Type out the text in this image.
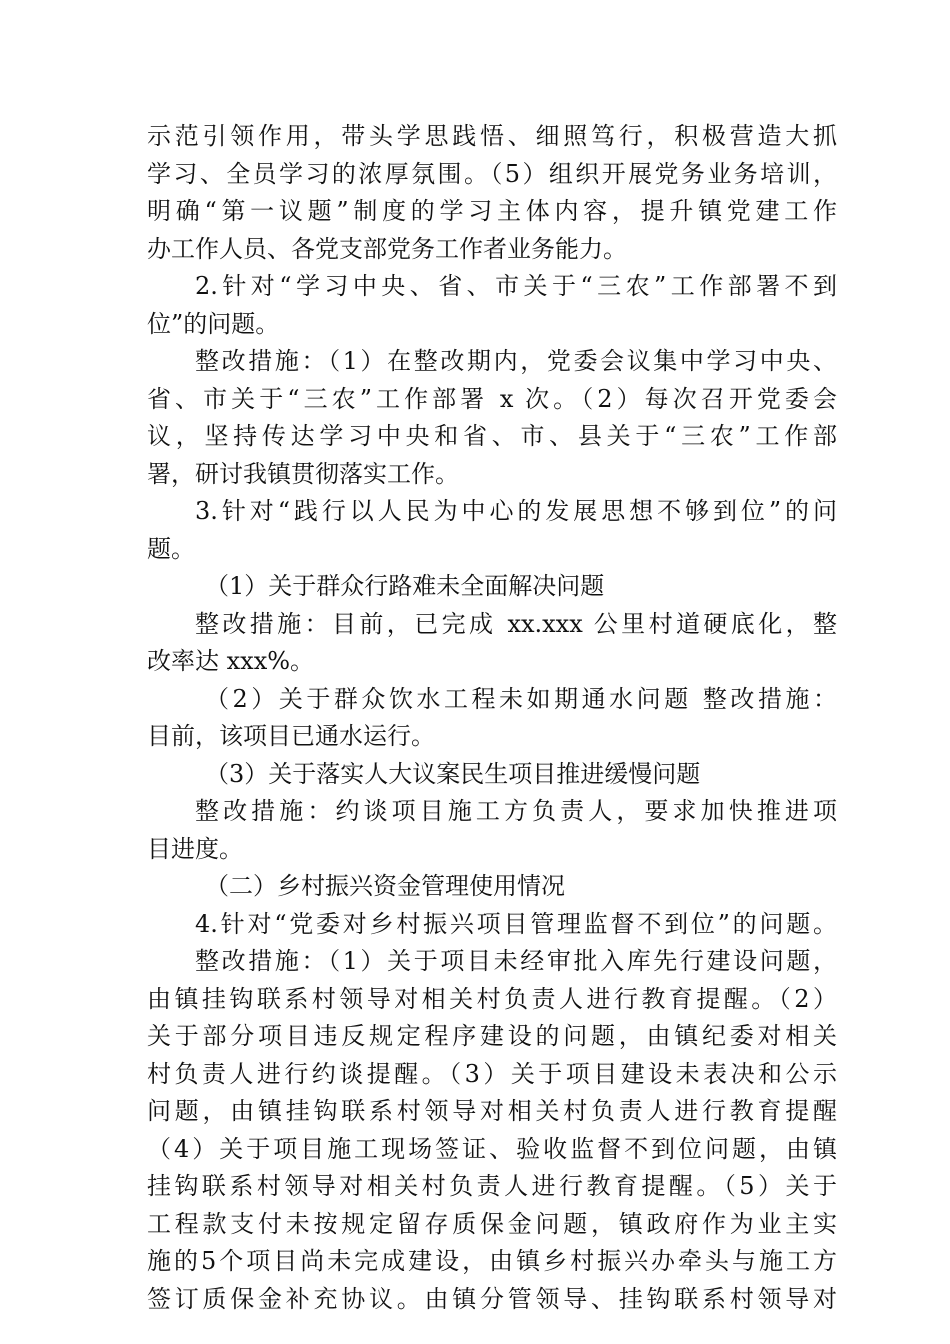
示范引领作用，带头学思践悟、细照笃行，积极营造大抓
学习、全员学习的浓厚氛围。（5）组织开展党务业务培训，
明确“第一议题”制度的学习主体内容，提升镇党建工作
办工作人员、各党支部党务工作者业务能力。
2.针对“学习中央、省、市关于“三农”工作部署不到
位”的问题。
整改措施：（1）在整改期内，党委会议集中学习中央、
省、市关于“三农”工作部署 x 次。（2）每次召开党委会
议，坚持传达学习中央和省、市、县关于“三农”工作部
署，研讨我镇贯彻落实工作。
3.针对“践行以人民为中心的发展思想不够到位”的问
题。
（1）关于群众行路难未全面解决问题
整改措施：目前，已完成 xx.xxx 公里村道硬底化，整
改率达 xxx%。
（2）关于群众饮水工程未如期通水问题 整改措施：
目前，该项目已通水运行。
（3）关于落实人大议案民生项目推进缓慢问题
整改措施：约谈项目施工方负责人，要求加快推进项
目进度。
（二）乡村振兴资金管理使用情况
4.针对“党委对乡村振兴项目管理监督不到位”的问题。
整改措施：（1）关于项目未经审批入库先行建设问题，
由镇挂钩联系村领导对相关村负责人进行教育提醒。（2）
关于部分项目违反规定程序建设的问题，由镇纪委对相关
村负责人进行约谈提醒。（3）关于项目建设未表决和公示
问题，由镇挂钩联系村领导对相关村负责人进行教育提醒
（4）关于项目施工现场签证、验收监督不到位问题，由镇
挂钩联系村领导对相关村负责人进行教育提醒。（5）关于
工程款支付未按规定留存质保金问题，镇政府作为业主实
施的5个项目尚未完成建设，由镇乡村振兴办牵头与施工方
签订质保金补充协议。由镇分管领导、挂钩联系村领导对
